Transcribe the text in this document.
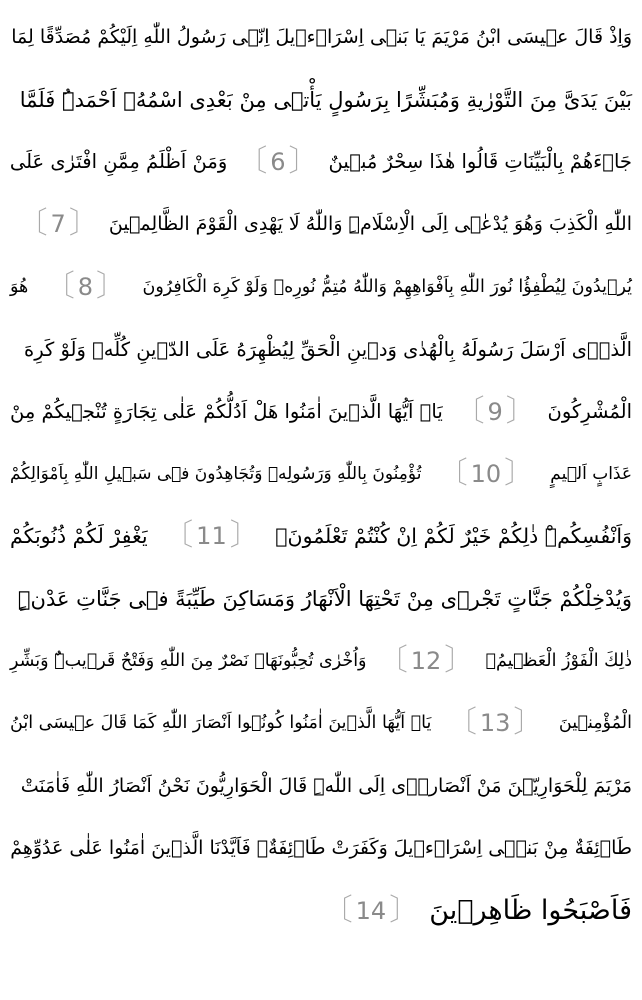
وَاِذْ قَالَ عٖيسَى ابْنُ مَرْيَمَ يَا بَنٖى اِسْرَاۤءٖيلَ اِنّٖى رَسُولُ اللّٰهِ اِلَيْكُمْ مُصَدِّقًا لِمَا
بَيْنَ يَدَىَّ مِنَ التَّوْرٰيةِ وَمُبَشِّرًا بِرَسُولٍ يَأْتٖى مِنْ بَعْدِى اسْمُهُۤ اَحْمَدُۜ فَلَمَّا
جَاۤءَهُمْ بِالْبَيِّنَاتِ قَالُوا هٰذَا سِحْرٌ مُبٖينٌ
〔 6 〕
وَمَنْ اَظْلَمُ مِمَّنِ افْتَرٰى عَلَى
اللّٰهِ الْكَذِبَ وَهُوَ يُدْعٰۤى اِلَى الْاِسْلَامِۜ وَاللّٰهُ لَا يَهْدِى الْقَوْمَ الظَّالِمٖينَ
〔 7 〕
يُرٖيدُونَ لِيُطْفِؤُا نُورَ اللّٰهِ بِاَفْوَاهِهِمْ وَاللّٰهُ مُتِمُّ نُورِهٖ وَلَوْ كَرِهَ الْكَافِرُونَ
〔 8 〕
هُوَ
الَّذٖۤى اَرْسَلَ رَسُولَهُ بِالْهُدٰى وَدٖينِ الْحَقِّ لِيُظْهِرَهُ عَلَى الدّٖينِ كُلِّهٖ وَلَوْ كَرِهَ
الْمُشْرِكُونَ
〔 9 〕
يَاۤ اَيُّهَا الَّذٖينَ اٰمَنُوا هَلْ اَدُلُّكُمْ عَلٰى تِجَارَةٍ تُنْجٖيكُمْ مِنْ
عَذَابٍ اَلٖيمٍ
〔 10 〕
تُؤْمِنُونَ بِاللّٰهِ وَرَسُولِهٖ وَتُجَاهِدُونَ فٖى سَبٖيلِ اللّٰهِ بِاَمْوَالِكُمْ
وَاَنْفُسِكُمْۜ ذٰلِكُمْ خَيْرٌ لَكُمْ اِنْ كُنْتُمْ تَعْلَمُونَۙ
〔 11 〕
يَغْفِرْ لَكُمْ ذُنُوبَكُمْ
وَيُدْخِلْكُمْ جَنَّاتٍ تَجْرٖى مِنْ تَحْتِهَا الْاَنْهَارُ وَمَسَاكِنَ طَيِّبَةً فٖى جَنَّاتِ عَدْنٍۜ
ذٰلِكَ الْفَوْزُ الْعَظٖيمُۙ
〔 12 〕
وَاُخْرٰى تُحِبُّونَهَاۜ نَصْرٌ مِنَ اللّٰهِ وَفَتْحٌ قَرٖيبٌۜ وَبَشِّرِ
الْمُؤْمِنٖينَ
〔 13 〕
يَاۤ اَيُّهَا الَّذٖينَ اٰمَنُوا كُونُۤوا اَنْصَارَ اللّٰهِ كَمَا قَالَ عٖيسَى ابْنُ
مَرْيَمَ لِلْحَوَارِيّٖنَ مَنْ اَنْصَارٖۤى اِلَى اللّٰهِۜ قَالَ الْحَوَارِيُّونَ نَحْنُ اَنْصَارُ اللّٰهِ فَاٰمَنَتْ
طَاۤئِفَةٌ مِنْ بَنٖۤى اِسْرَاۤءٖيلَ وَكَفَرَتْ طَاۤئِفَةٌۚ فَاَيَّدْنَا الَّذٖينَ اٰمَنُوا عَلٰى عَدُوِّهِمْ
فَاَصْبَحُوا ظَاهِرٖينَ
〔 14 〕
